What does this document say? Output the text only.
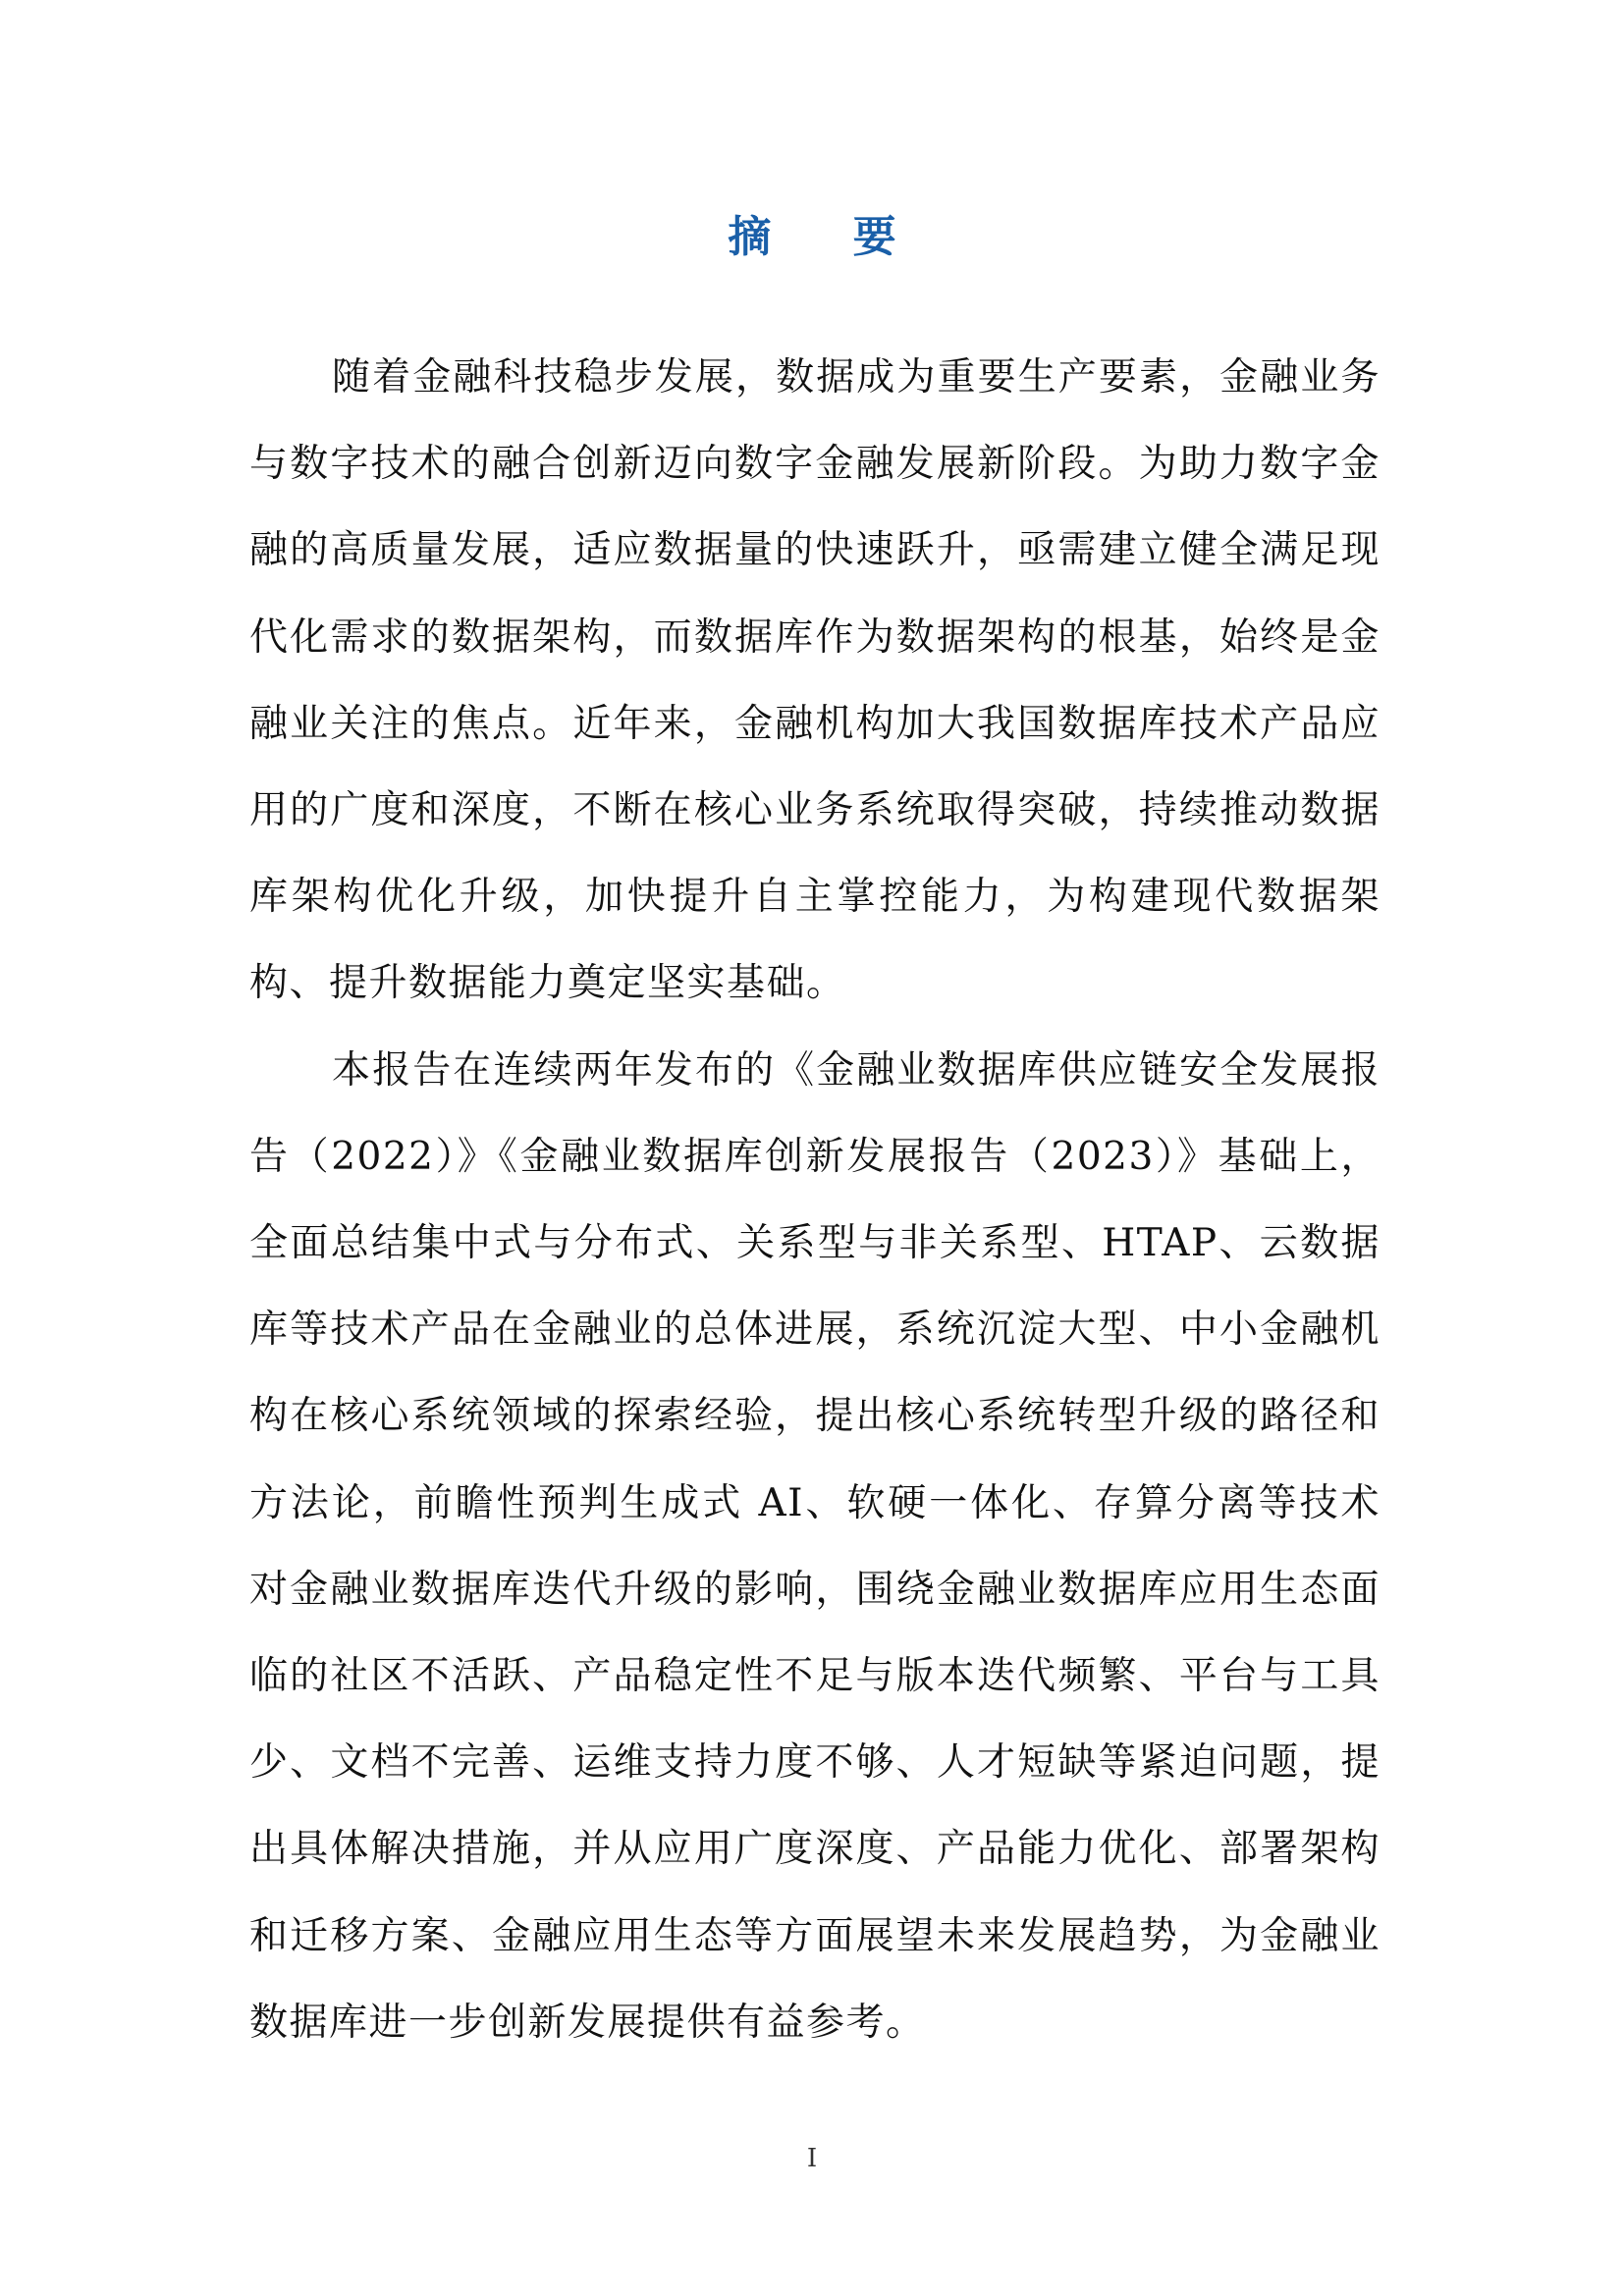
摘 要

随着金融科技稳步发展，数据成为重要生产要素，金融业务与数字技术的融合创新迈向数字金融发展新阶段。为助力数字金融的高质量发展，适应数据量的快速跃升，亟需建立健全满足现代化需求的数据架构，而数据库作为数据架构的根基，始终是金融业关注的焦点。近年来，金融机构加大我国数据库技术产品应用的广度和深度，不断在核心业务系统取得突破，持续推动数据库架构优化升级，加快提升自主掌控能力，为构建现代数据架构、提升数据能力奠定坚实基础。

本报告在连续两年发布的《金融业数据库供应链安全发展报告（2022）》《金融业数据库创新发展报告（2023）》基础上，全面总结集中式与分布式、关系型与非关系型、HTAP、云数据库等技术产品在金融业的总体进展，系统沉淀大型、中小金融机构在核心系统领域的探索经验，提出核心系统转型升级的路径和方法论，前瞻性预判生成式 AI、软硬一体化、存算分离等技术对金融业数据库迭代升级的影响，围绕金融业数据库应用生态面临的社区不活跃、产品稳定性不足与版本迭代频繁、平台与工具少、文档不完善、运维支持力度不够、人才短缺等紧迫问题，提出具体解决措施，并从应用广度深度、产品能力优化、部署架构和迁移方案、金融应用生态等方面展望未来发展趋势，为金融业数据库进一步创新发展提供有益参考。

I
